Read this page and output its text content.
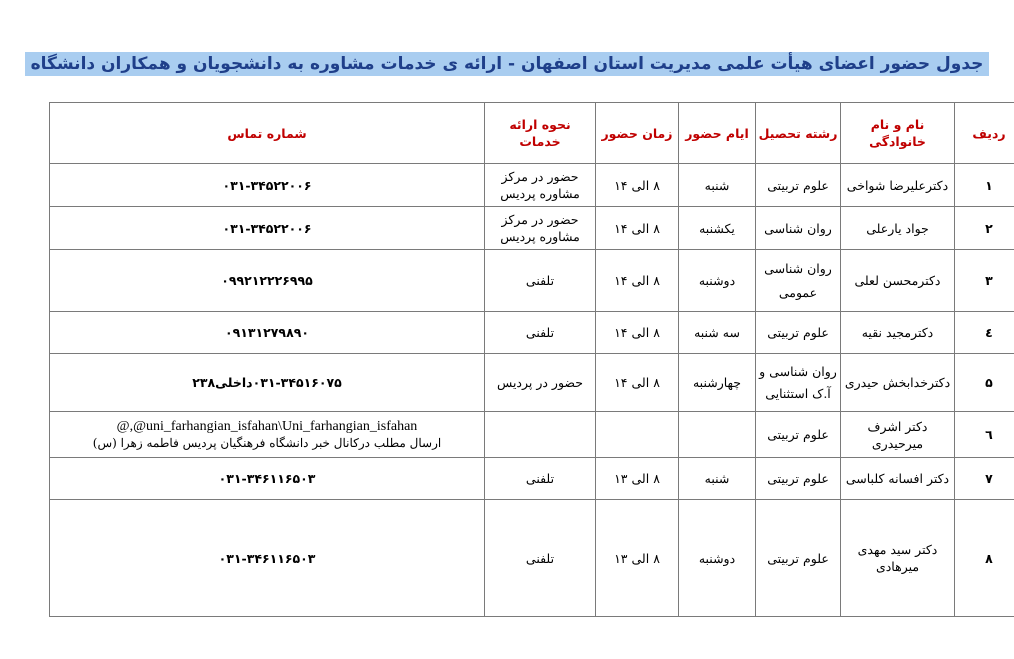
جدول حضور اعضای هیأت علمی مدیریت استان اصفهان - ارائه ی خدمات مشاوره به دانشجویان و همکاران دانشگاه
ردیف	نام و نام خانوادگی	رشته تحصیل	ایام حضور	زمان حضور	نحوه ارائه خدمات	شماره تماس
۱	دکترعلیرضا شواخی	علوم تربیتی	شنبه	۸ الی ۱۴	حضور در مرکز مشاوره پردیس	۰۳۱-۳۴۵۲۲۰۰۶
۲	جواد یارعلی	روان شناسی	یکشنبه	۸ الی ۱۴	حضور در مرکز مشاوره پردیس	۰۳۱-۳۴۵۲۲۰۰۶
۳	دکترمحسن لعلی	روان شناسی عمومی	دوشنبه	۸ الی ۱۴	تلفنی	۰۹۹۲۱۲۲۲۶۹۹۵
٤	دکترمجید نقیه	علوم تربیتی	سه شنبه	۸ الی ۱۴	تلفنی	۰۹۱۳۱۲۷۹۸۹۰
۵	دکترخدابخش حیدری	روان شناسی و آ.ک استثنایی	چهارشنبه	۸ الی ۱۴	حضور در پردیس	۰۳۱-۳۴۵۱۶۰۷۵داخلی۲۳۸
٦	دکتر اشرف میرحیدری	علوم تربیتی				@,@uni_farhangian_isfahan\Uni_farhangian_isfahan
ارسال مطلب درکانال خبر دانشگاه فرهنگیان پردیس فاطمه زهرا (س)

۷	دکتر افسانه کلباسی	علوم تربیتی	شنبه	۸ الی ۱۳	تلفنی	۰۳۱-۳۴۶۱۱۶۵۰۳
۸	دکتر سید مهدی میرهادی	علوم تربیتی	دوشنبه	۸ الی ۱۳	تلفنی	۰۳۱-۳۴۶۱۱۶۵۰۳
